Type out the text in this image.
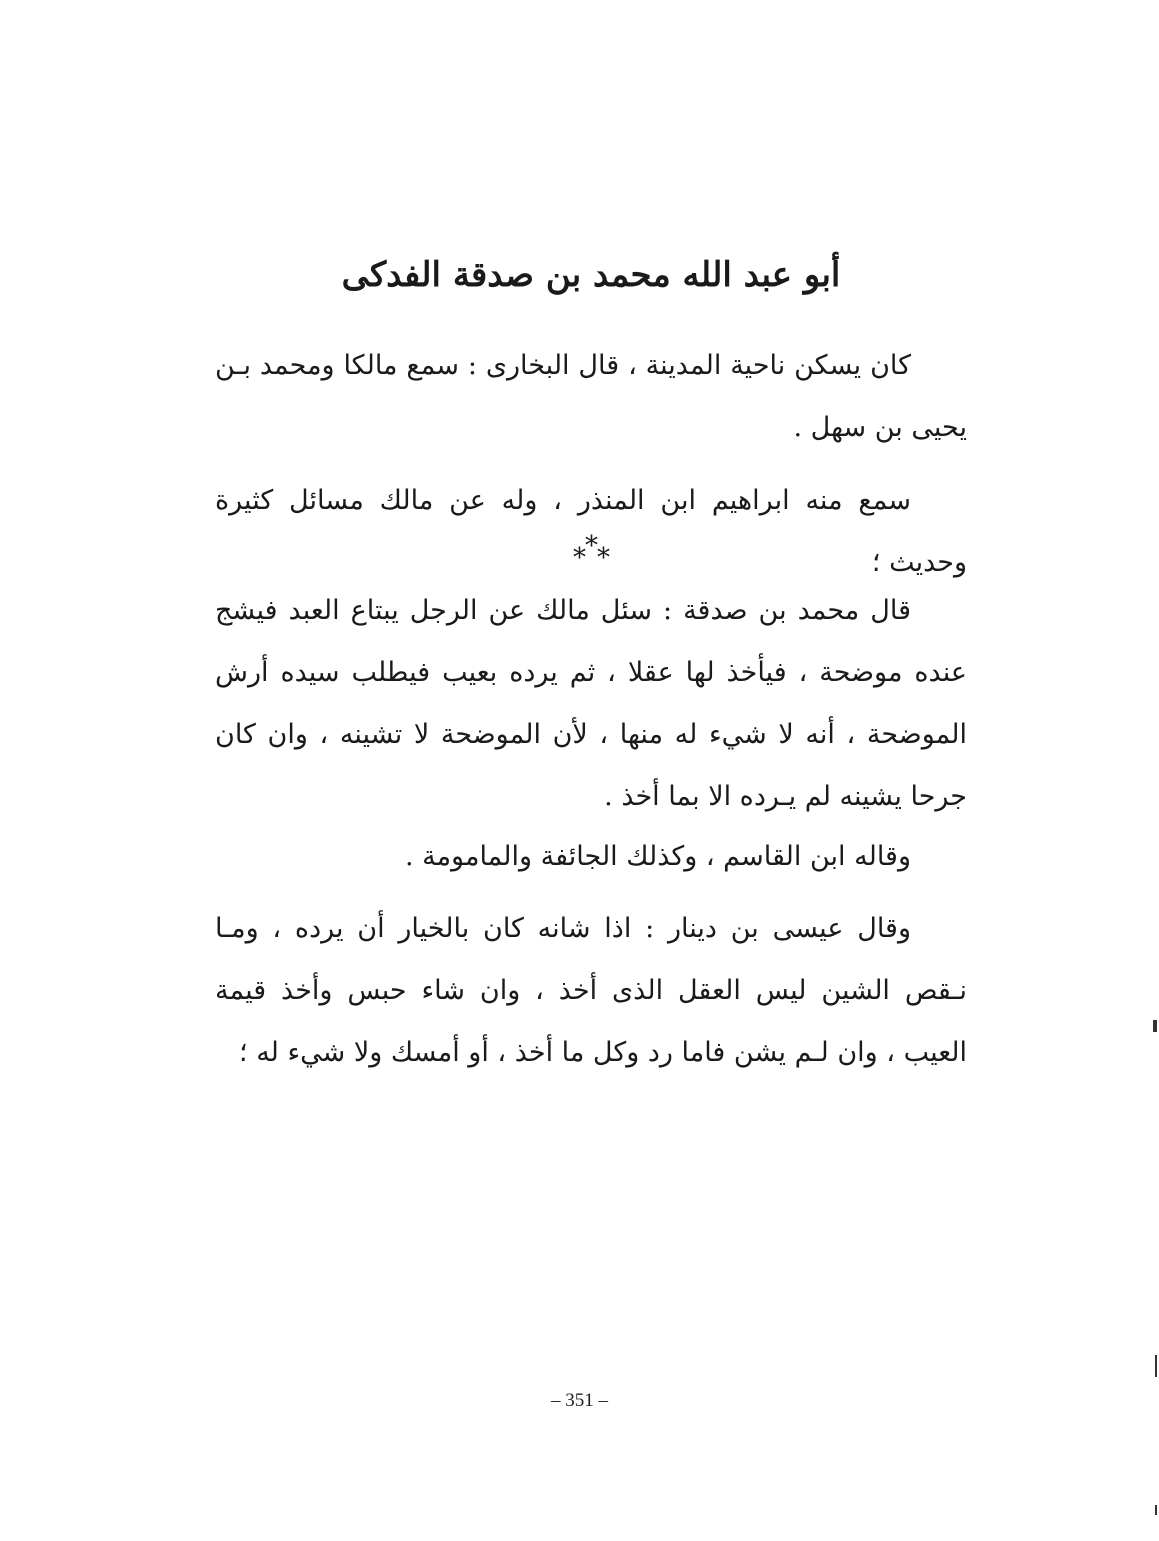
أبو عبد الله محمد بن صدقة الفدكى

كان يسكن ناحية المدينة ، قال البخارى : سمع مالكا ومحمد بـن يحيى بن سهل .

سمع منه ابراهيم ابن المنذر ، وله عن مالك مسائل كثيرة وحديث ؛

* * *

قال محمد بن صدقة : سئل مالك عن الرجل يبتاع العبد فيشج عنده موضحة ، فيأخذ لها عقلا ، ثم يرده بعيب فيطلب سيده أرش الموضحة ، أنه لا شيء له منها ، لأن الموضحة لا تشينه ، وان كان جرحا يشينه لم يـرده الا بما أخذ .

وقاله ابن القاسم ، وكذلك الجائفة والمامومة .

وقال عيسى بن دينار : اذا شانه كان بالخيار أن يرده ، ومـا نـقص الشين ليس العقل الذى أخذ ، وان شاء حبس وأخذ قيمة العيب ، وان لـم يشن فاما رد وكل ما أخذ ، أو أمسك ولا شيء له ؛

– 351 –
